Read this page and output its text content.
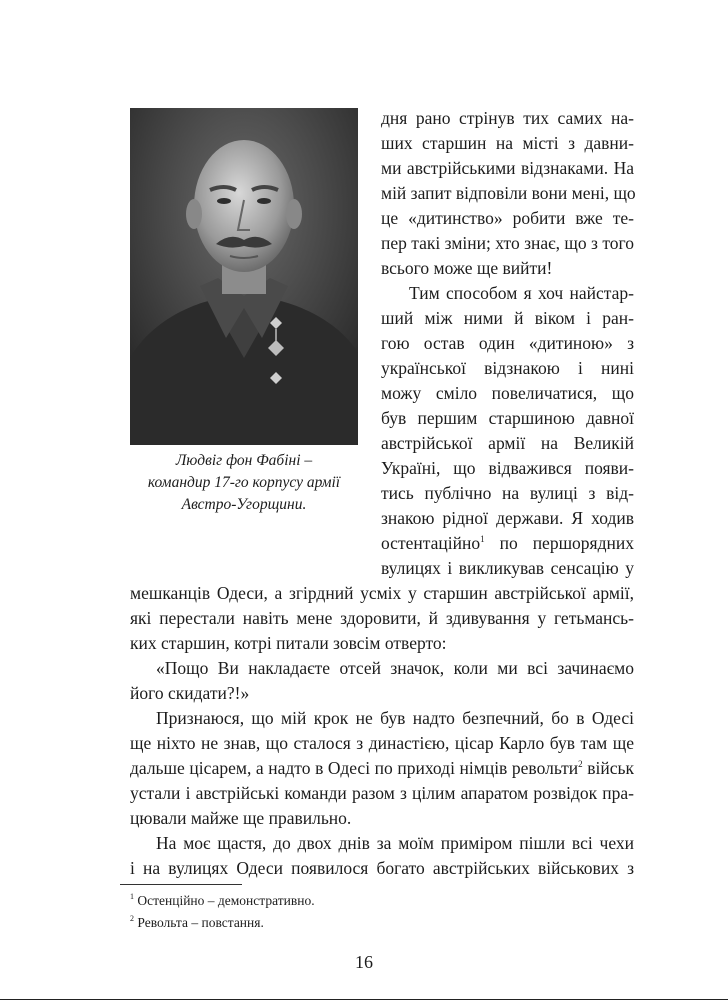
Людвіг фон Фабіні –
командир 17-го корпусу армії
Австро-Угорщини.
дня рано стрінув тих самих на-
ших старшин на місті з давни-
ми австрійськими відзнаками. На
мій запит відповіли вони мені, що
це «дитинство» робити вже те-
пер такі зміни; хто знає, що з того
всього може ще вийти!
Тим способом я хоч найстар-
ший між ними й віком і ран-
гою остав один «дитиною» з
української відзнакою і нині
можу сміло повеличатися, що
був першим старшиною давної
австрійської армії на Великій
Україні, що відважився появи-
тись публічно на вулиці з від-
знакою рідної держави. Я ходив
остентаційно$^1$ по першорядних
вулицях і викликував сенсацію у
мешканців Одеси, а згірдний усміх у старшин австрійської армії,
які перестали навіть мене здоровити, й здивування у гетьмансь-
ких старшин, котрі питали зовсім отверто:
«Пощо Ви накладаєте отсей значок, коли ми всі зачинаємо
його скидати?!»
Признаюся, що мій крок не був надто безпечний, бо в Одесі
ще ніхто не знав, що сталося з династією, цісар Карло був там ще
дальше цісарем, а надто в Одесі по приході німців револьти$^2$ військ
устали і австрійські команди разом з цілим апаратом розвідок пра-
цювали майже ще правильно.
На моє щастя, до двох днів за моїм приміром пішли всі чехи
і на вулицях Одеси появилося богато австрійських військових з
$^1$ Остенційно – демонстративно.
$^2$ Револьта – повстання.
16
